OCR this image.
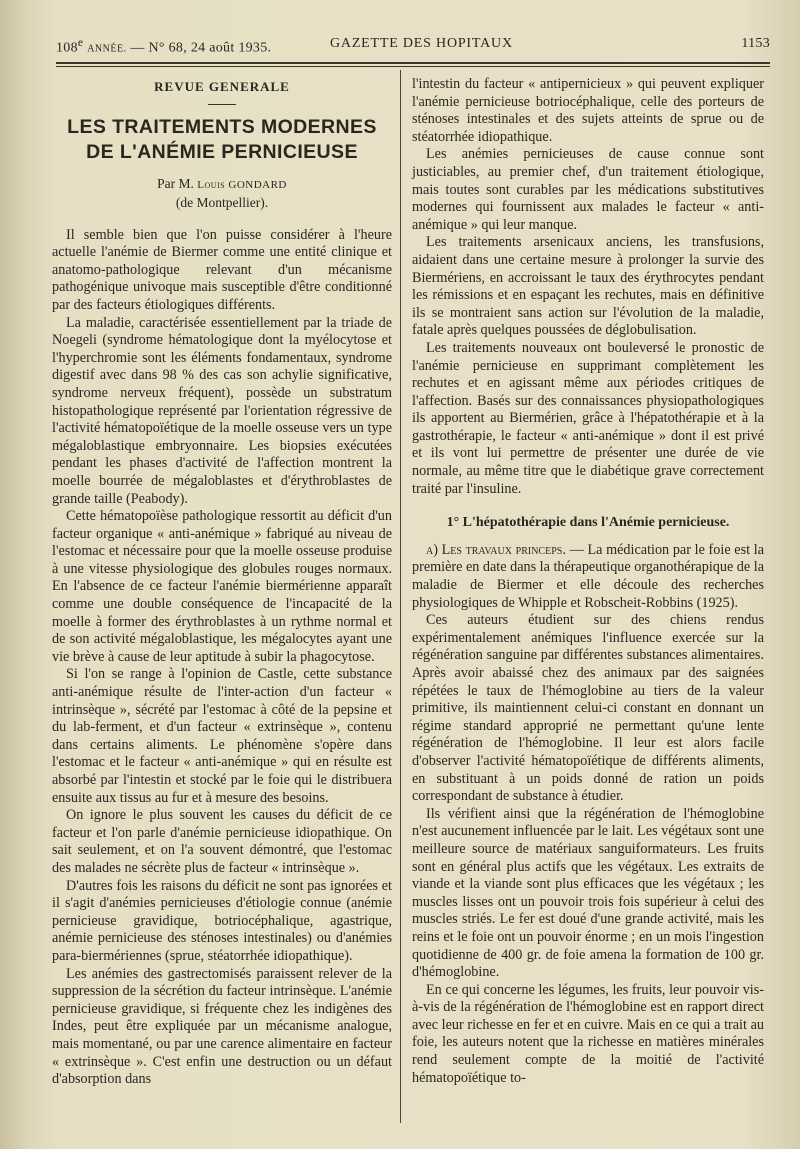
108e ANNÉE. — N° 68, 24 août 1935.	GAZETTE DES HOPITAUX	1153
REVUE GENERALE
LES TRAITEMENTS MODERNES
DE L'ANÉMIE PERNICIEUSE
Par M. Louis GONDARD
(de Montpellier).

Il semble bien que l'on puisse considérer à l'heure actuelle l'anémie de Biermer comme une entité clinique et anatomo-pathologique relevant d'un mécanisme pathogénique univoque mais susceptible d'être conditionné par des facteurs étiologiques différents.

La maladie, caractérisée essentiellement par la triade de Noegeli (syndrome hématologique dont la myélocytose et l'hyperchromie sont les éléments fondamentaux, syndrome digestif avec dans 98 % des cas son achylie significative, syndrome nerveux fréquent), possède un substratum histopathologique représenté par l'orientation régressive de l'activité hématopoïétique de la moelle osseuse vers un type mégaloblastique embryonnaire. Les biopsies exécutées pendant les phases d'activité de l'affection montrent la moelle bourrée de mégaloblastes et d'érythroblastes de grande taille (Peabody).

Cette hématopoïèse pathologique ressortit au déficit d'un facteur organique « anti-anémique » fabriqué au niveau de l'estomac et nécessaire pour que la moelle osseuse produise à une vitesse physiologique des globules rouges normaux. En l'absence de ce facteur l'anémie biermérienne apparaît comme une double conséquence de l'incapacité de la moelle à former des érythroblastes à un rythme normal et de son activité mégaloblastique, les mégalocytes ayant une vie brève à cause de leur aptitude à subir la phagocytose.

Si l'on se range à l'opinion de Castle, cette substance anti-anémique résulte de l'inter-action d'un facteur « intrinsèque », sécrété par l'estomac à côté de la pepsine et du lab-ferment, et d'un facteur « extrinsèque », contenu dans certains aliments. Le phénomène s'opère dans l'estomac et le facteur « anti-anémique » qui en résulte est absorbé par l'intestin et stocké par le foie qui le distribuera ensuite aux tissus au fur et à mesure des besoins.

On ignore le plus souvent les causes du déficit de ce facteur et l'on parle d'anémie pernicieuse idiopathique. On sait seulement, et on l'a souvent démontré, que l'estomac des malades ne sécrète plus de facteur « intrinsèque ».

D'autres fois les raisons du déficit ne sont pas ignorées et il s'agit d'anémies pernicieuses d'étiologie connue (anémie pernicieuse gravidique, botriocéphalique, agastrique, anémie pernicieuse des sténoses intestinales) ou d'anémies para-biermériennes (sprue, stéatorrhée idiopathique).

Les anémies des gastrectomisés paraissent relever de la suppression de la sécrétion du facteur intrinsèque. L'anémie pernicieuse gravidique, si fréquente chez les indigènes des Indes, peut être expliquée par un mécanisme analogue, mais momentané, ou par une carence alimentaire en facteur « extrinsèque ». C'est enfin une destruction ou un défaut d'absorption dans

l'intestin du facteur « antipernicieux » qui peuvent expliquer l'anémie pernicieuse botriocéphalique, celle des porteurs de sténoses intestinales et des sujets atteints de sprue ou de stéatorrhée idiopathique.

Les anémies pernicieuses de cause connue sont justiciables, au premier chef, d'un traitement étiologique, mais toutes sont curables par les médications substitutives modernes qui fournissent aux malades le facteur « anti-anémique » qui leur manque.

Les traitements arsenicaux anciens, les transfusions, aidaient dans une certaine mesure à prolonger la survie des Biermériens, en accroissant le taux des érythrocytes pendant les rémissions et en espaçant les rechutes, mais en définitive ils se montraient sans action sur l'évolution de la maladie, fatale après quelques poussées de déglobulisation.

Les traitements nouveaux ont bouleversé le pronostic de l'anémie pernicieuse en supprimant complètement les rechutes et en agissant même aux périodes critiques de l'affection. Basés sur des connaissances physiopathologiques ils apportent au Biermérien, grâce à l'hépatothérapie et à la gastrothérapie, le facteur « anti-anémique » dont il est privé et ils vont lui permettre de présenter une durée de vie normale, au même titre que le diabétique grave correctement traité par l'insuline.

1° L'hépatothérapie dans l'Anémie pernicieuse.

a) Les travaux princeps. — La médication par le foie est la première en date dans la thérapeutique organothérapique de la maladie de Biermer et elle découle des recherches physiologiques de Whipple et Robscheit-Robbins (1925).

Ces auteurs étudient sur des chiens rendus expérimentalement anémiques l'influence exercée sur la régénération sanguine par différentes substances alimentaires. Après avoir abaissé chez des animaux par des saignées répétées le taux de l'hémoglobine au tiers de la valeur primitive, ils maintiennent celui-ci constant en donnant un régime standard approprié ne permettant qu'une lente régénération de l'hémoglobine. Il leur est alors facile d'observer l'activité hématopoïétique de différents aliments, en substituant à un poids donné de ration un poids correspondant de substance à étudier.

Ils vérifient ainsi que la régénération de l'hémoglobine n'est aucunement influencée par le lait. Les végétaux sont une meilleure source de matériaux sanguiformateurs. Les fruits sont en général plus actifs que les végétaux. Les extraits de viande et la viande sont plus efficaces que les végétaux ; les muscles lisses ont un pouvoir trois fois supérieur à celui des muscles striés. Le fer est doué d'une grande activité, mais les reins et le foie ont un pouvoir énorme ; en un mois l'ingestion quotidienne de 400 gr. de foie amena la formation de 100 gr. d'hémoglobine.

En ce qui concerne les légumes, les fruits, leur pouvoir vis-à-vis de la régénération de l'hémoglobine est en rapport direct avec leur richesse en fer et en cuivre. Mais en ce qui a trait au foie, les auteurs notent que la richesse en matières minérales rend seulement compte de la moitié de l'activité hématopoïétique to-
